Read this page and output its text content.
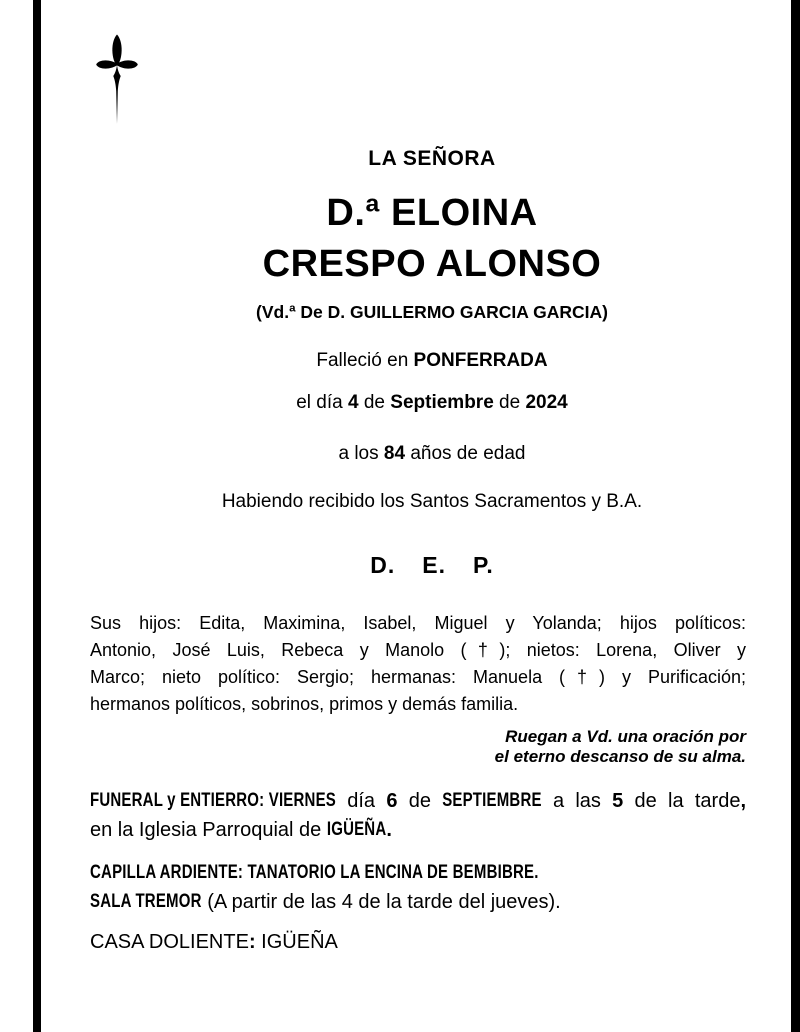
LA SEÑORA
D.ª ELOINA
CRESPO ALONSO
(Vd.ª De D. GUILLERMO GARCIA GARCIA)
Falleció en PONFERRADA
el día 4 de Septiembre de 2024
a los 84 años de edad
Habiendo recibido los Santos Sacramentos y B.A.
D. E. P.
Sus hijos: Edita, Maximina, Isabel, Miguel y Yolanda; hijos políticos:
Antonio, José Luis, Rebeca y Manolo (†); nietos: Lorena, Oliver y
Marco; nieto político: Sergio; hermanas: Manuela (†) y Purificación;
hermanos políticos, sobrinos, primos y demás familia.
Ruegan a Vd. una oración por
el eterno descanso de su alma.
FUNERAL y ENTIERRO: VIERNES día 6 de SEPTIEMBRE a las 5 de la tarde,
en la Iglesia Parroquial de IGÜEÑA.
CAPILLA ARDIENTE: TANATORIO LA ENCINA DE BEMBIBRE.
SALA TREMOR (A partir de las 4 de la tarde del jueves).
CASA DOLIENTE: IGÜEÑA
